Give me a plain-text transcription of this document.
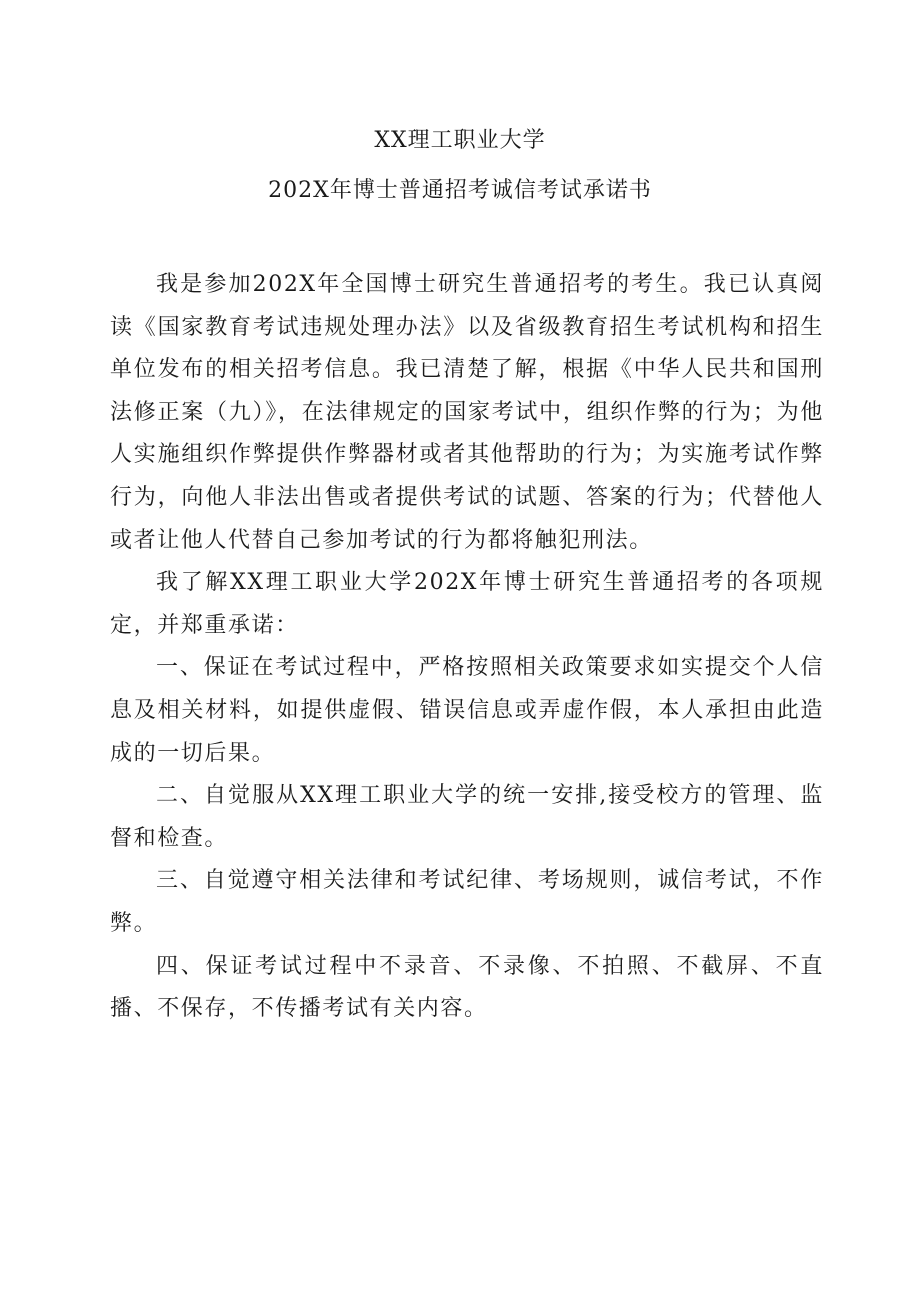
XX理工职业大学
202X年博士普通招考诚信考试承诺书

我是参加202X年全国博士研究生普通招考的考生。我已认真阅读《国家教育考试违规处理办法》以及省级教育招生考试机构和招生单位发布的相关招考信息。我已清楚了解，根据《中华人民共和国刑法修正案（九）》，在法律规定的国家考试中，组织作弊的行为；为他人实施组织作弊提供作弊器材或者其他帮助的行为；为实施考试作弊行为，向他人非法出售或者提供考试的试题、答案的行为；代替他人或者让他人代替自己参加考试的行为都将触犯刑法。

我了解XX理工职业大学202X年博士研究生普通招考的各项规定，并郑重承诺：

一、保证在考试过程中，严格按照相关政策要求如实提交个人信息及相关材料，如提供虚假、错误信息或弄虚作假，本人承担由此造成的一切后果。

二、自觉服从XX理工职业大学的统一安排,接受校方的管理、监督和检查。

三、自觉遵守相关法律和考试纪律、考场规则，诚信考试，不作弊。

四、保证考试过程中不录音、不录像、不拍照、不截屏、不直播、不保存，不传播考试有关内容。
